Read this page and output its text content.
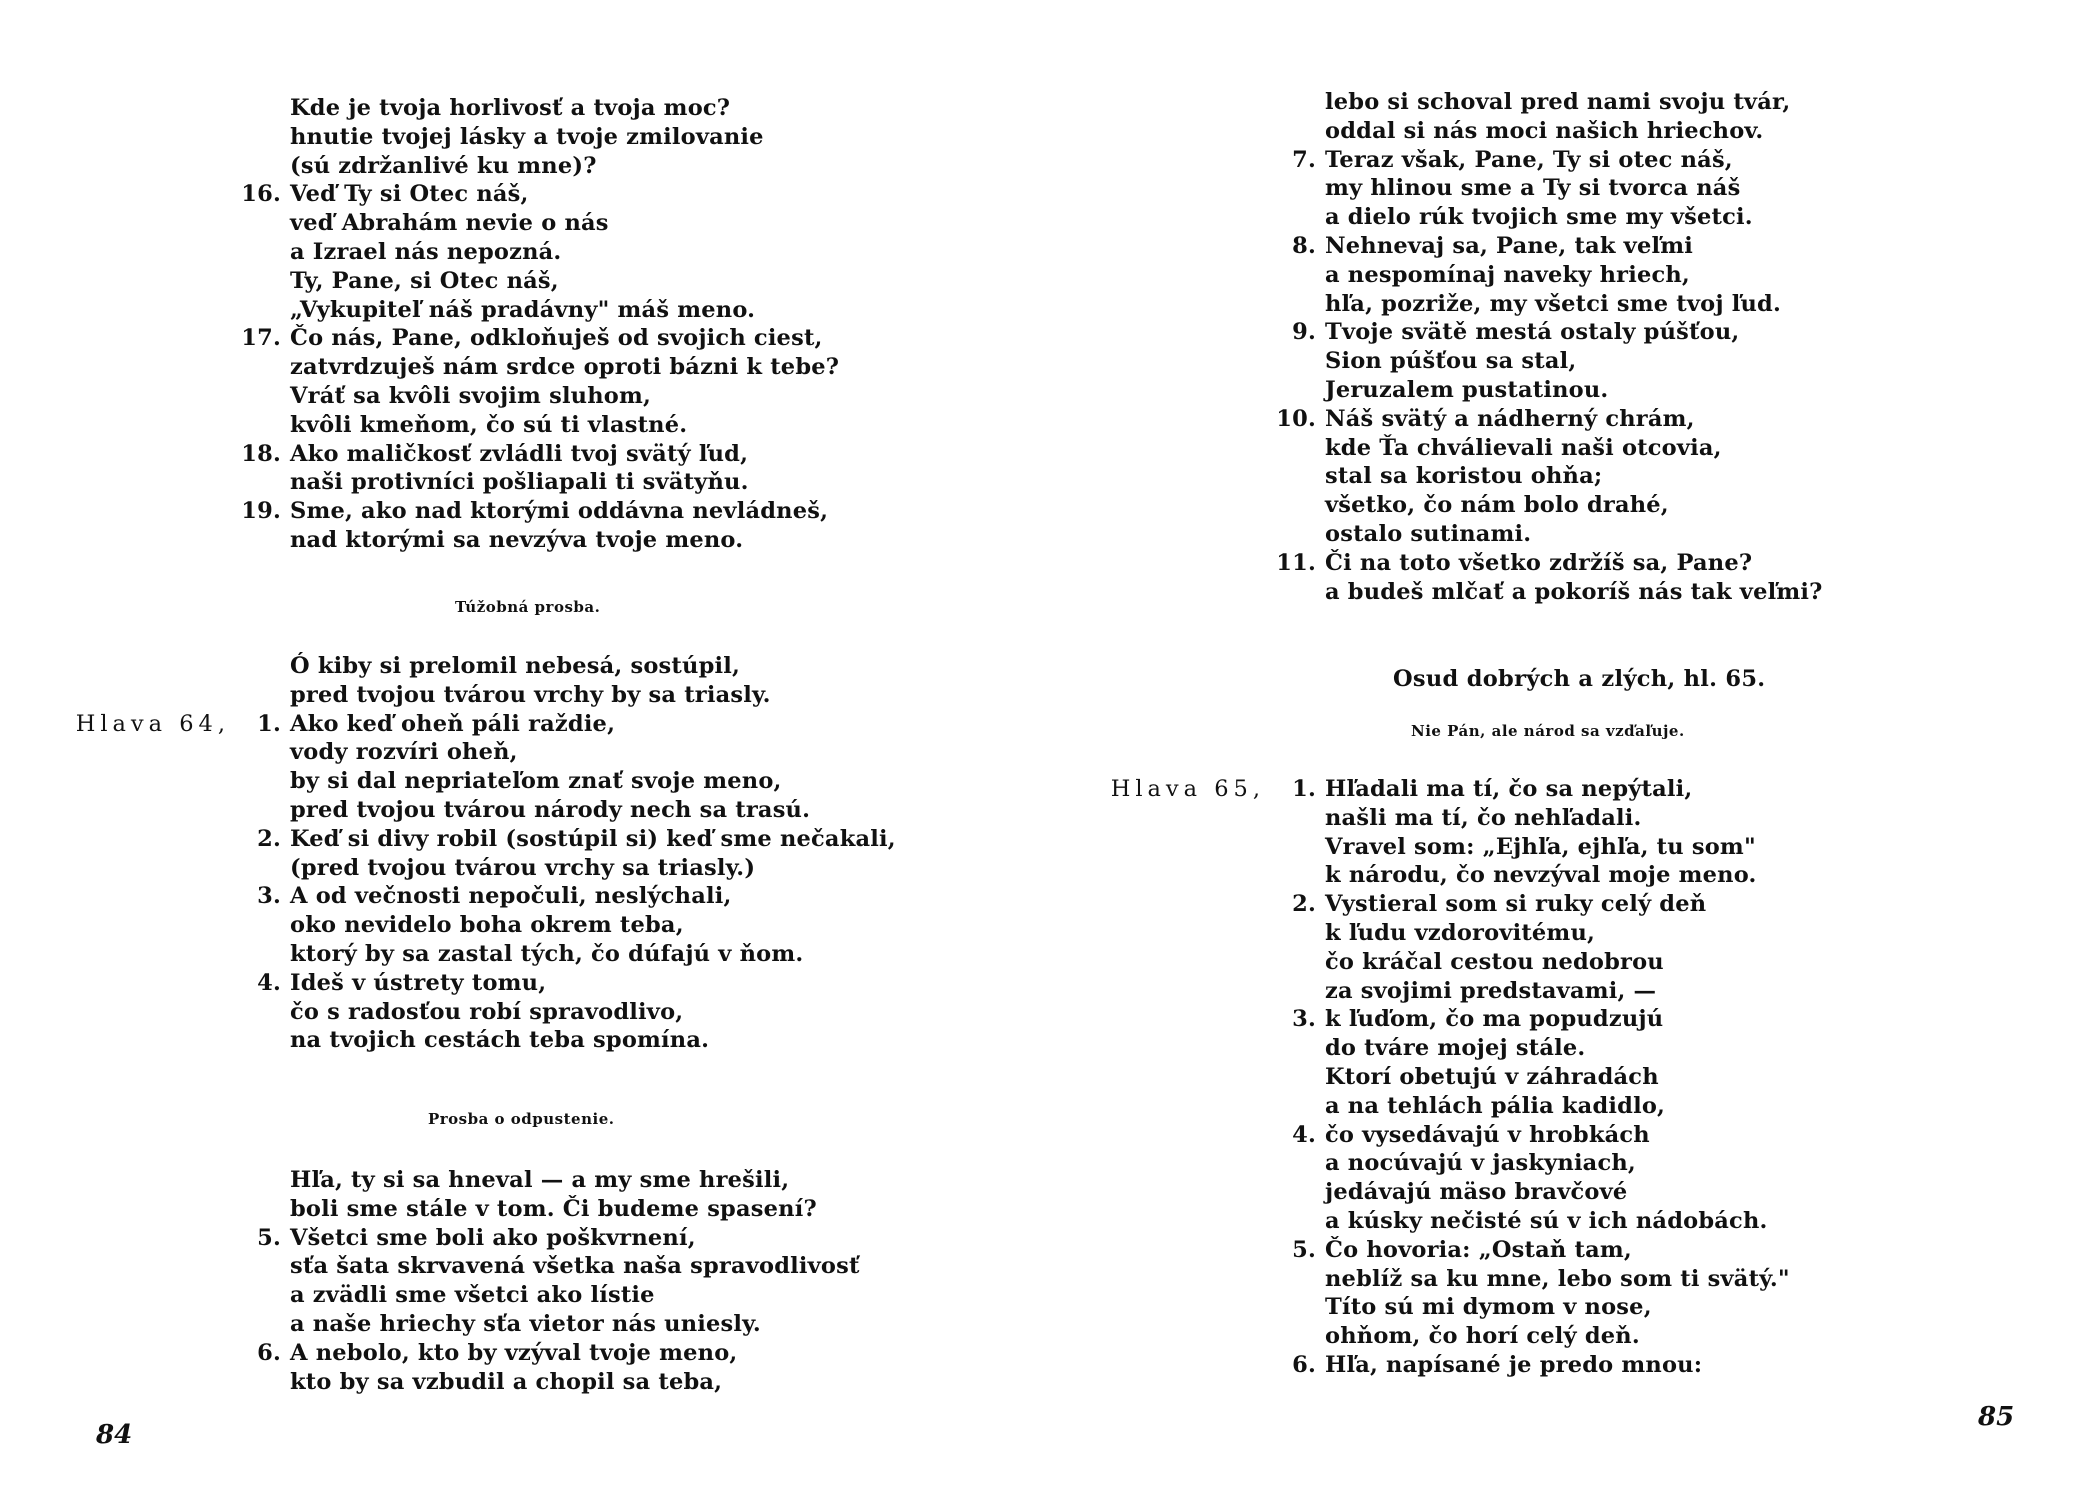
Kde je tvoja horlivosť a tvoja moc?
hnutie tvojej lásky a tvoje zmilovanie
(sú zdržanlivé ku mne)?
16. Veď Ty si Otec náš,
veď Abrahám nevie o nás
a Izrael nás nepozná.
Ty, Pane, si Otec náš,
„Vykupiteľ náš pradávny" máš meno.
17. Čo nás, Pane, odkloňuješ od svojich ciest,
zatvrdzuješ nám srdce oproti bázni k tebe?
Vráť sa kvôli svojim sluhom,
kvôli kmeňom, čo sú ti vlastné.
18. Ako maličkosť zvládli tvoj svätý ľud,
naši protivníci pošliapali ti svätyňu.
19. Sme, ako nad ktorými oddávna nevládneš,
nad ktorými sa nevzýva tvoje meno.
Túžobná prosba.
Ó kiby si prelomil nebesá, sostúpil,
pred tvojou tvárou vrchy by sa triasly.
Hlava 64, 1. Ako keď oheň páli raždie,
vody rozvíri oheň,
by si dal nepriateľom znať svoje meno,
pred tvojou tvárou národy nech sa trasú.
2. Keď si divy robil (sostúpil si) keď sme nečakali,
(pred tvojou tvárou vrchy sa triasly.)
3. A od večnosti nepočuli, neslýchali,
oko nevidelo boha okrem teba,
ktorý by sa zastal tých, čo dúfajú v ňom.
4. Ideš v ústrety tomu,
čo s radosťou robí spravodlivo,
na tvojich cestách teba spomína.
Prosba o odpustenie.
Hľa, ty si sa hneval — a my sme hrešili,
boli sme stále v tom. Či budeme spasení?
5. Všetci sme boli ako poškvrnení,
sťa šata skrvavená všetka naša spravodlivosť
a zvädli sme všetci ako lístie
a naše hriechy sťa vietor nás uniesly.
6. A nebolo, kto by vzýval tvoje meno,
kto by sa vzbudil a chopil sa teba,
84
lebo si schoval pred nami svoju tvár,
oddal si nás moci našich hriechov.
7. Teraz však, Pane, Ty si otec náš,
my hlinou sme a Ty si tvorca náš
a dielo rúk tvojich sme my všetci.
8. Nehnevaj sa, Pane, tak veľmi
a nespomínaj naveky hriech,
hľa, pozriže, my všetci sme tvoj ľud.
9. Tvoje svätě mestá ostaly púšťou,
Sion púšťou sa stal,
Jeruzalem pustatinou.
10. Náš svätý a nádherný chrám,
kde Ťa chválievali naši otcovia,
stal sa koristou ohňa;
všetko, čo nám bolo drahé,
ostalo sutinami.
11. Či na toto všetko zdržíš sa, Pane?
a budeš mlčať a pokoríš nás tak veľmi?
Osud dobrých a zlých, hl. 65.
Nie Pán, ale národ sa vzďaľuje.
Hlava 65, 1. Hľadali ma tí, čo sa nepýtali,
našli ma tí, čo nehľadali.
Vravel som: „Ejhľa, ejhľa, tu som"
k národu, čo nevzýval moje meno.
2. Vystieral som si ruky celý deň
k ľudu vzdorovitému,
čo kráčal cestou nedobrou
za svojimi predstavami, —
3. k ľuďom, čo ma popudzujú
do tváre mojej stále.
Ktorí obetujú v záhradách
a na tehlách pália kadidlo,
4. čo vysedávajú v hrobkách
a nocúvajú v jaskyniach,
jedávajú mäso bravčové
a kúsky nečisté sú v ich nádobách.
5. Čo hovoria: „Ostaň tam,
neblíž sa ku mne, lebo som ti svätý."
Títo sú mi dymom v nose,
ohňom, čo horí celý deň.
6. Hľa, napísané je predo mnou:
85
